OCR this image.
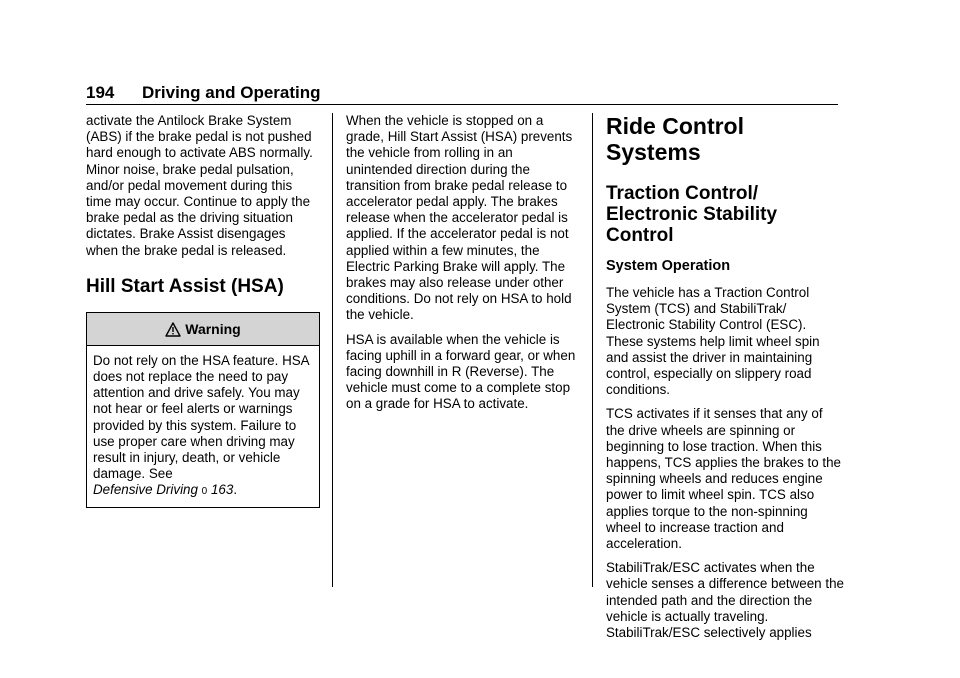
194 Driving and Operating

activate the Antilock Brake System (ABS) if the brake pedal is not pushed hard enough to activate ABS normally. Minor noise, brake pedal pulsation, and/or pedal movement during this time may occur. Continue to apply the brake pedal as the driving situation dictates. Brake Assist disengages when the brake pedal is released.

Hill Start Assist (HSA)
Warning
Do not rely on the HSA feature. HSA does not replace the need to pay attention and drive safely. You may not hear or feel alerts or warnings provided by this system. Failure to use proper care when driving may result in injury, death, or vehicle damage. See
Defensive Driving 0 163.

When the vehicle is stopped on a grade, Hill Start Assist (HSA) prevents the vehicle from rolling in an unintended direction during the transition from brake pedal release to accelerator pedal apply. The brakes release when the accelerator pedal is applied. If the accelerator pedal is not applied within a few minutes, the Electric Parking Brake will apply. The brakes may also release under other conditions. Do not rely on HSA to hold the vehicle.

HSA is available when the vehicle is facing uphill in a forward gear, or when facing downhill in R (Reverse). The vehicle must come to a complete stop on a grade for HSA to activate.

Ride Control Systems
Traction Control/ Electronic Stability Control
System Operation

The vehicle has a Traction Control System (TCS) and StabiliTrak/ Electronic Stability Control (ESC). These systems help limit wheel spin and assist the driver in maintaining control, especially on slippery road conditions.

TCS activates if it senses that any of the drive wheels are spinning or beginning to lose traction. When this happens, TCS applies the brakes to the spinning wheels and reduces engine power to limit wheel spin. TCS also applies torque to the non-spinning wheel to increase traction and acceleration.

StabiliTrak/ESC activates when the vehicle senses a difference between the intended path and the direction the vehicle is actually traveling. StabiliTrak/ESC selectively applies
